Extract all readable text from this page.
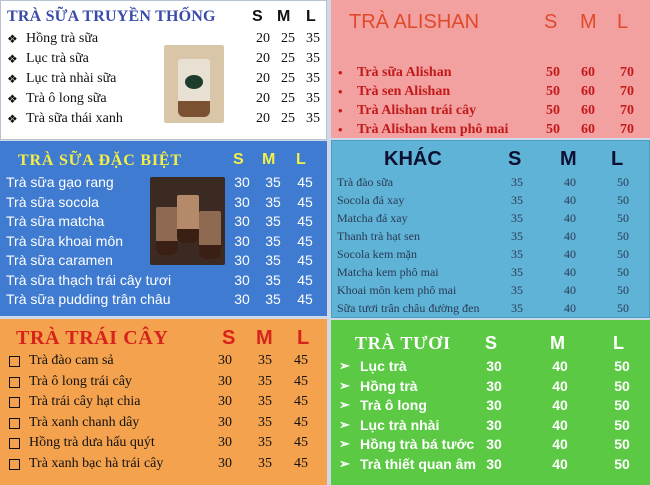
TRÀ SỮA TRUYỀN THỐNG S M L
❖ Hồng trà sữa	20 25 35
❖ Lục trà sữa	20 25 35
❖ Lục trà nhài sữa	20 25 35
❖ Trà ô long sữa	20 25 35
❖ Trà sữa thái xanh	20 25 35
TRÀ ALISHAN	S M L
• Trà sữa Alishan	50	60	70
• Trà sen Alishan	50	60	70
• Trà Alishan trái cây	50	60	70
• Trà Alishan kem phô mai	50	60	70
TRÀ SỮA ĐẶC BIỆT	S M L
Trà sữa gạo rang	30	35	45
Trà sữa socola	30	35	45
Trà sữa matcha	30	35	45
Trà sữa khoai môn	30	35	45
Trà sữa caramen	30	35	45
Trà sữa thạch trái cây tươi	30	35	45
Trà sữa pudding trân châu	30	35	45
KHÁC	S M L
Trà đào sữa	35	40	50
Socola đá xay	35	40	50
Matcha đá xay	35	40	50
Thanh trà hạt sen	35	40	50
Socola kem mặn	35	40	50
Matcha kem phô mai	35	40	50
Khoai môn kem phô mai	35	40	50
Sữa tươi trân châu đường đen	35	40	50
TRÀ TRÁI CÂY	S M L
Trà đào cam sả	30	35	45
Trà ô long trái cây	30	35	45
Trà trái cây hạt chia	30	35	45
Trà xanh chanh dây	30	35	45
Hồng trà dưa hấu quýt	30	35	45
Trà xanh bạc hà trái cây	30	35	45
TRÀ TƯƠI S	M	L
➢ Lục trà	30	40	50
➢ Hồng trà	30	40	50
➢ Trà ô long	30	40	50
➢ Lục trà nhài	30	40	50
➢ Hồng trà bá tước 30	40	50
➢ Trà thiết quan âm 30	40	50
